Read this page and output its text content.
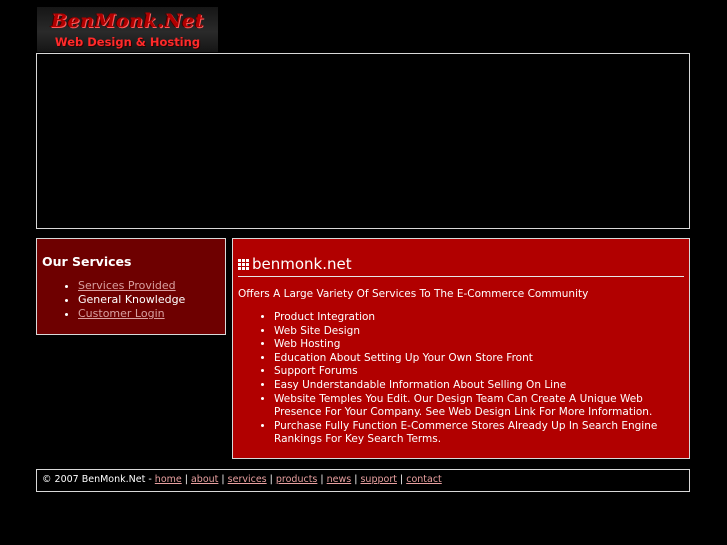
BenMonk.Net
Web Design & Hosting
Our Services
• Services Provided
• General Knowledge
• Customer Login
benmonk.net

Offers A Large Variety Of Services To The E-Commerce Community

• Product Integration
• Web Site Design
• Web Hosting
• Education About Setting Up Your Own Store Front
• Support Forums
• Easy Understandable Information About Selling On Line
• Website Temples You Edit. Our Design Team Can Create A Unique Web Presence For Your Company. See Web Design Link For More Information.
• Purchase Fully Function E-Commerce Stores Already Up In Search Engine Rankings For Key Search Terms.
© 2007 BenMonk.Net - home | about | services | products | news | support | contact
